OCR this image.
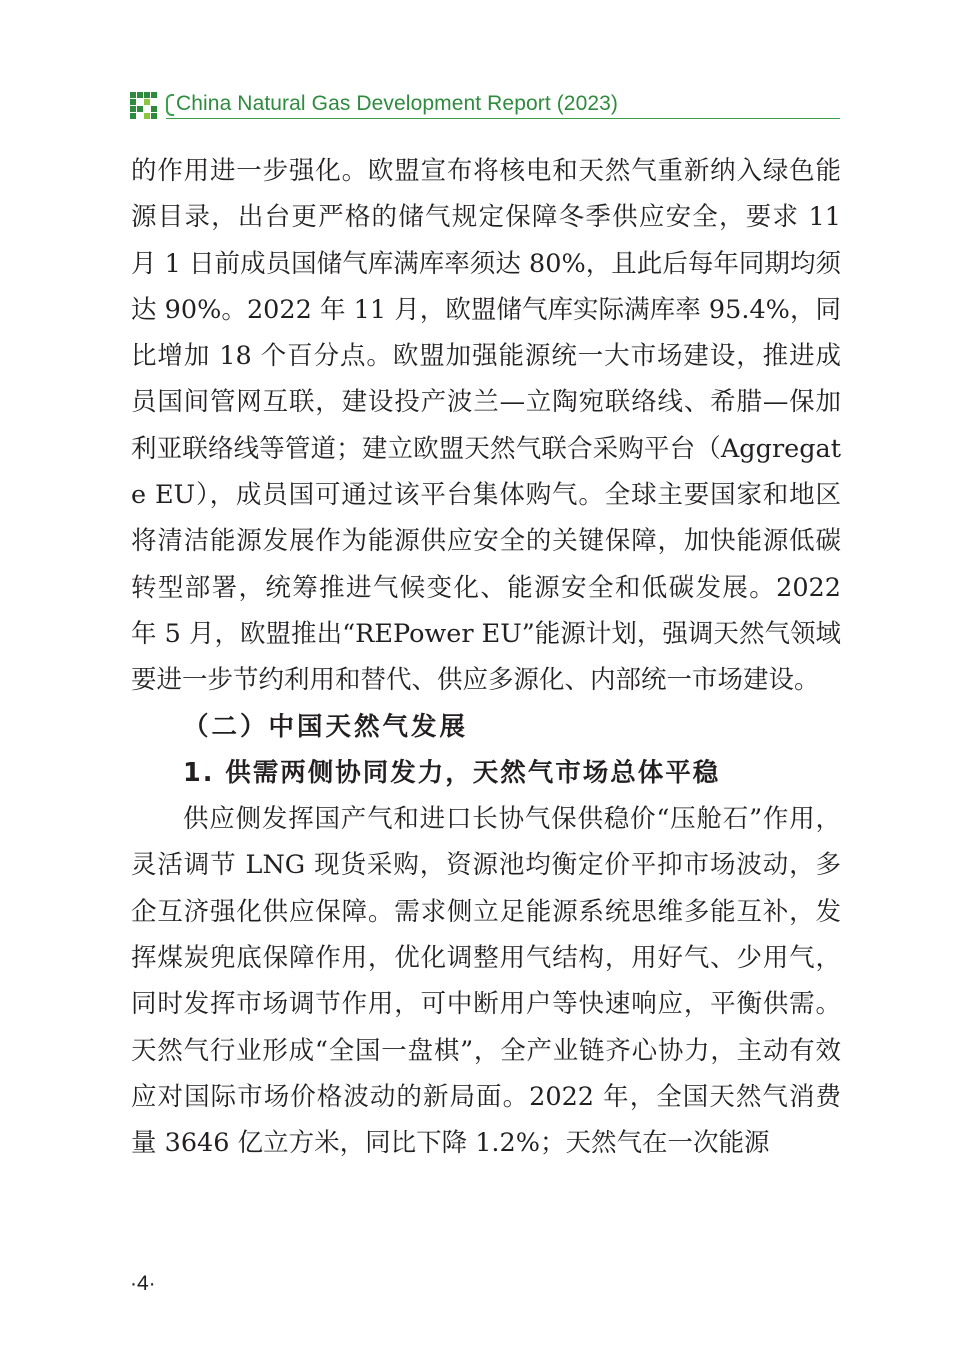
China Natural Gas Development Report (2023)

的作用进一步强化。欧盟宣布将核电和天然气重新纳入绿色能源目录，出台更严格的储气规定保障冬季供应安全，要求 11 月 1 日前成员国储气库满库率须达 80%，且此后每年同期均须达 90%。2022 年 11 月，欧盟储气库实际满库率 95.4%，同比增加 18 个百分点。欧盟加强能源统一大市场建设，推进成员国间管网互联，建设投产波兰—立陶宛联络线、希腊—保加利亚联络线等管道；建立欧盟天然气联合采购平台（Aggregate EU），成员国可通过该平台集体购气。全球主要国家和地区将清洁能源发展作为能源供应安全的关键保障，加快能源低碳转型部署，统筹推进气候变化、能源安全和低碳发展。2022 年 5 月，欧盟推出“REPower EU”能源计划，强调天然气领域要进一步节约利用和替代、供应多源化、内部统一市场建设。

（二）中国天然气发展
1. 供需两侧协同发力，天然气市场总体平稳

供应侧发挥国产气和进口长协气保供稳价“压舱石”作用，灵活调节 LNG 现货采购，资源池均衡定价平抑市场波动，多企互济强化供应保障。需求侧立足能源系统思维多能互补，发挥煤炭兜底保障作用，优化调整用气结构，用好气、少用气，同时发挥市场调节作用，可中断用户等快速响应，平衡供需。天然气行业形成“全国一盘棋”，全产业链齐心协力，主动有效应对国际市场价格波动的新局面。2022 年，全国天然气消费量 3646 亿立方米，同比下降 1.2%；天然气在一次能源

·4·
